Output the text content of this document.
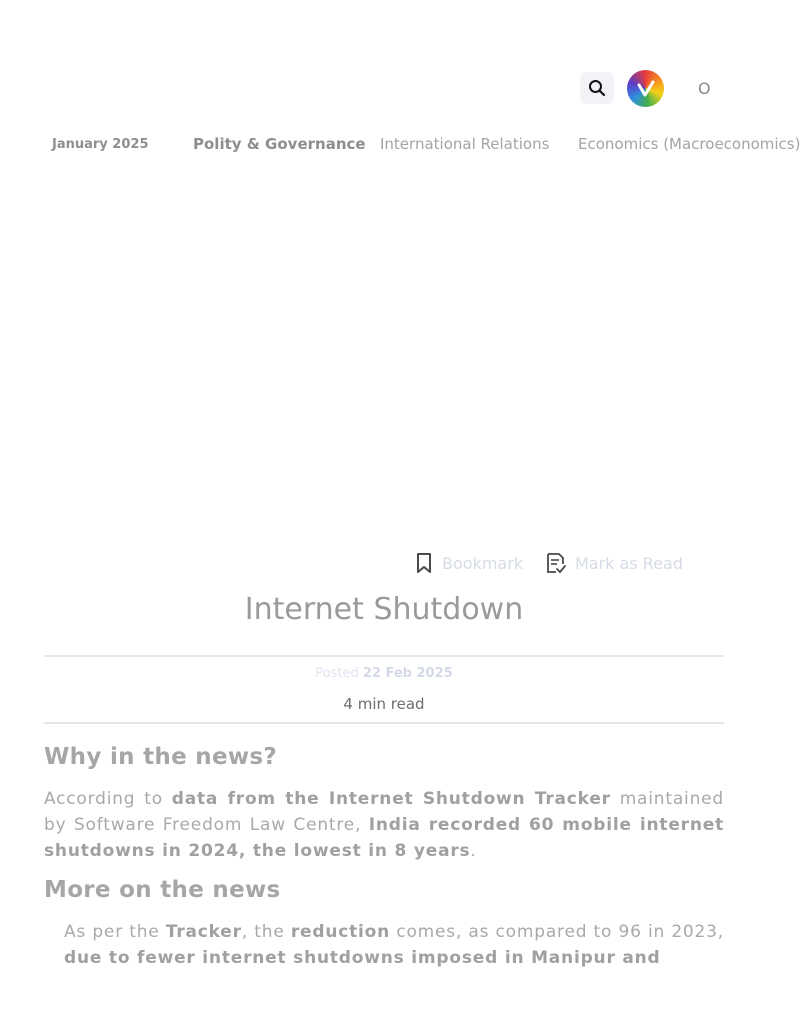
O
January 2025	Polity & Governance International Relations Economics (Macroeconomics)
Bookmark	Mark as Read
Internet Shutdown
Posted 22 Feb 2025
4 min read
Why in the news?

According to data from the Internet Shutdown Tracker maintained by Software Freedom Law Centre, India recorded 60 mobile internet shutdowns in 2024, the lowest in 8 years.

More on the news

As per the Tracker, the reduction comes, as compared to 96 in 2023, due to fewer internet shutdowns imposed in Manipur and
